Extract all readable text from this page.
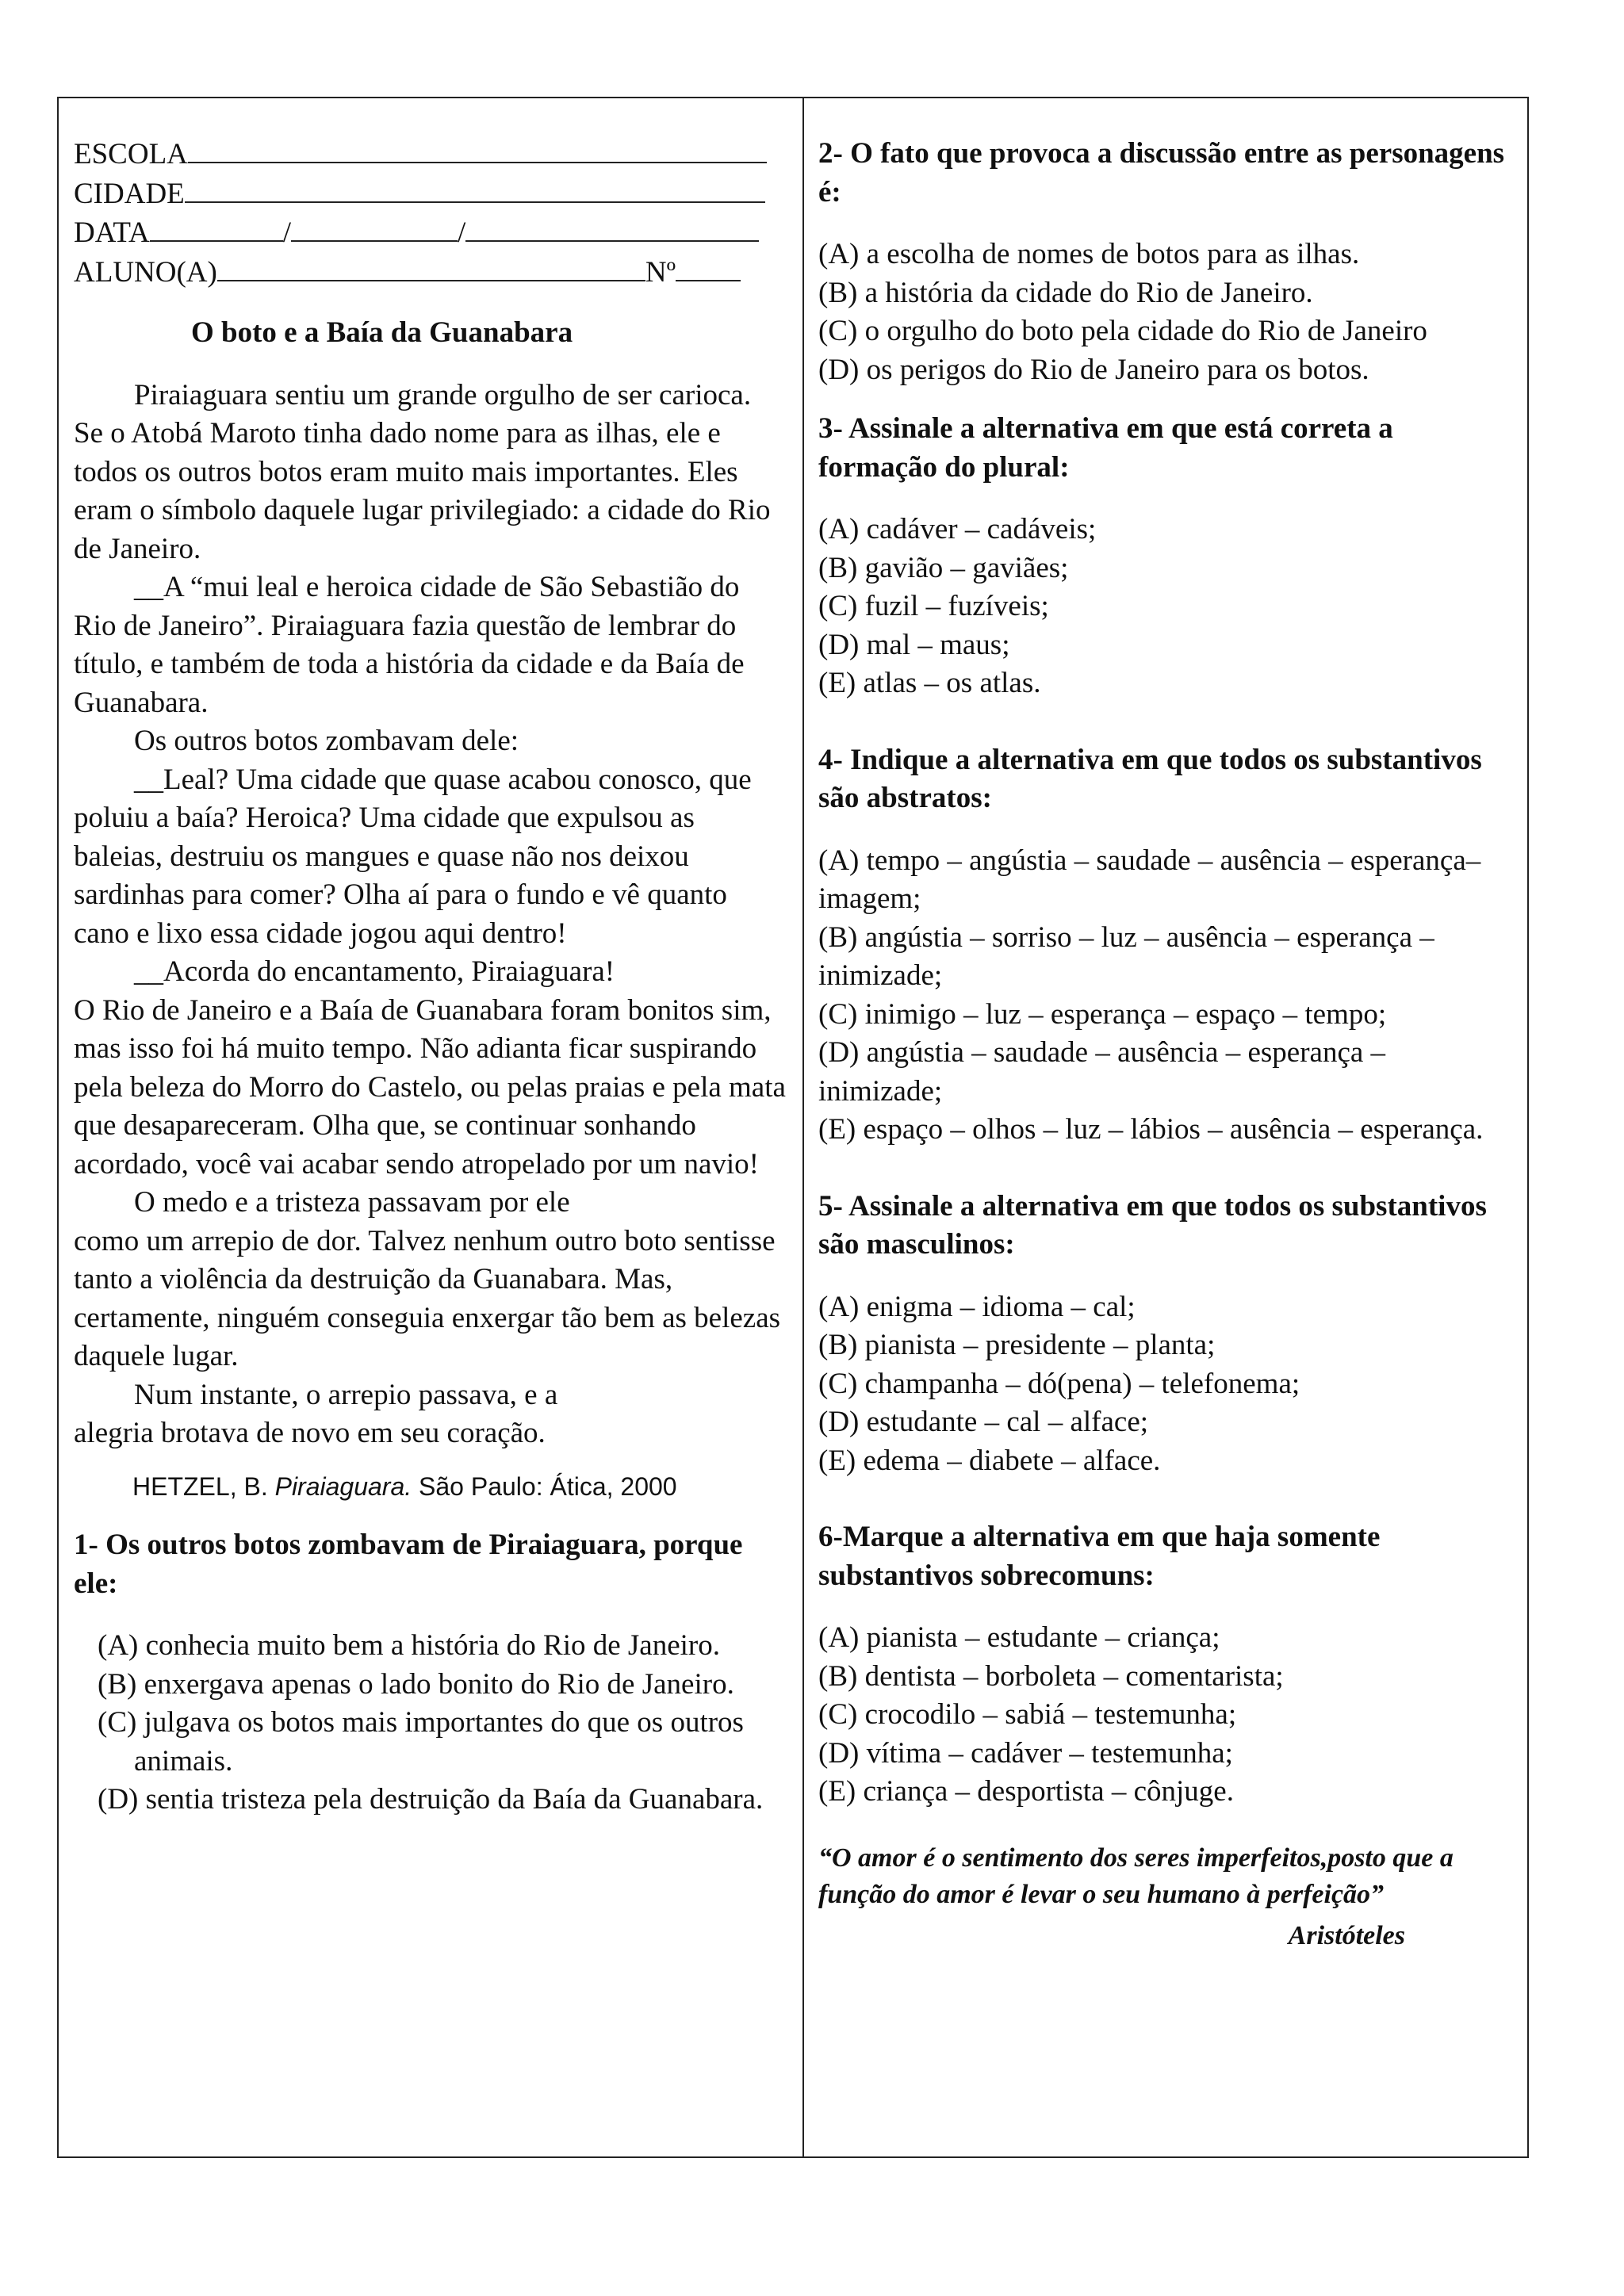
ESCOLA
CIDADE
DATA	/	/
ALUNO(A)	Nº
O boto e a Baía da Guanabara

Piraiaguara sentiu um grande orgulho de ser carioca. Se o Atobá Maroto tinha dado nome para as ilhas, ele e todos os outros botos eram muito mais importantes. Eles eram o símbolo daquele lugar privilegiado: a cidade do Rio de Janeiro.

__A “mui leal e heroica cidade de São Sebastião do Rio de Janeiro”. Piraiaguara fazia questão de lembrar do título, e também de toda a história da cidade e da Baía de Guanabara.

Os outros botos zombavam dele:

__Leal? Uma cidade que quase acabou conosco, que poluiu a baía? Heroica? Uma cidade que expulsou as baleias, destruiu os mangues e quase não nos deixou sardinhas para comer? Olha aí para o fundo e vê quanto cano e lixo essa cidade jogou aqui dentro!

__Acorda do encantamento, Piraiaguara!

O Rio de Janeiro e a Baía de Guanabara foram bonitos sim, mas isso foi há muito tempo. Não adianta ficar suspirando pela beleza do Morro do Castelo, ou pelas praias e pela mata que desapareceram. Olha que, se continuar sonhando acordado, você vai acabar sendo atropelado por um navio!

O medo e a tristeza passavam por ele

como um arrepio de dor. Talvez nenhum outro boto sentisse tanto a violência da destruição da Guanabara. Mas, certamente, ninguém conseguia enxergar tão bem as belezas daquele lugar.

Num instante, o arrepio passava, e a

alegria brotava de novo em seu coração.

HETZEL, B. Piraiaguara. São Paulo: Ática, 2000
1- Os outros botos zombavam de Piraiaguara, porque ele:

(A) conhecia muito bem a história do Rio de Janeiro.

(B) enxergava apenas o lado bonito do Rio de Janeiro.

(C) julgava os botos mais importantes do que os outros animais.

(D) sentia tristeza pela destruição da Baía da Guanabara.

2- O fato que provoca a discussão entre as personagens é:

(A) a escolha de nomes de botos para as ilhas.

(B) a história da cidade do Rio de Janeiro.

(C) o orgulho do boto pela cidade do Rio de Janeiro

(D) os perigos do Rio de Janeiro para os botos.

3- Assinale a alternativa em que está correta a formação do plural:

(A) cadáver – cadáveis;

(B) gavião – gaviães;

(C) fuzil – fuzíveis;

(D) mal – maus;

(E) atlas – os atlas.

4- Indique a alternativa em que todos os substantivos são abstratos:

(A) tempo – angústia – saudade – ausência – esperança– imagem;

(B) angústia – sorriso – luz – ausência – esperança –inimizade;

(C) inimigo – luz – esperança – espaço – tempo;

(D) angústia – saudade – ausência – esperança – inimizade;

(E) espaço – olhos – luz – lábios – ausência – esperança.

5- Assinale a alternativa em que todos os substantivos são masculinos:

(A) enigma – idioma – cal;

(B) pianista – presidente – planta;

(C) champanha – dó(pena) – telefonema;

(D) estudante – cal – alface;

(E) edema – diabete – alface.

6-Marque a alternativa em que haja somente substantivos sobrecomuns:

(A) pianista – estudante – criança;

(B) dentista – borboleta – comentarista;

(C) crocodilo – sabiá – testemunha;

(D) vítima – cadáver – testemunha;

(E) criança – desportista – cônjuge.

“O amor é o sentimento dos seres imperfeitos,posto que a função do amor é levar o seu humano à perfeição”
Aristóteles
